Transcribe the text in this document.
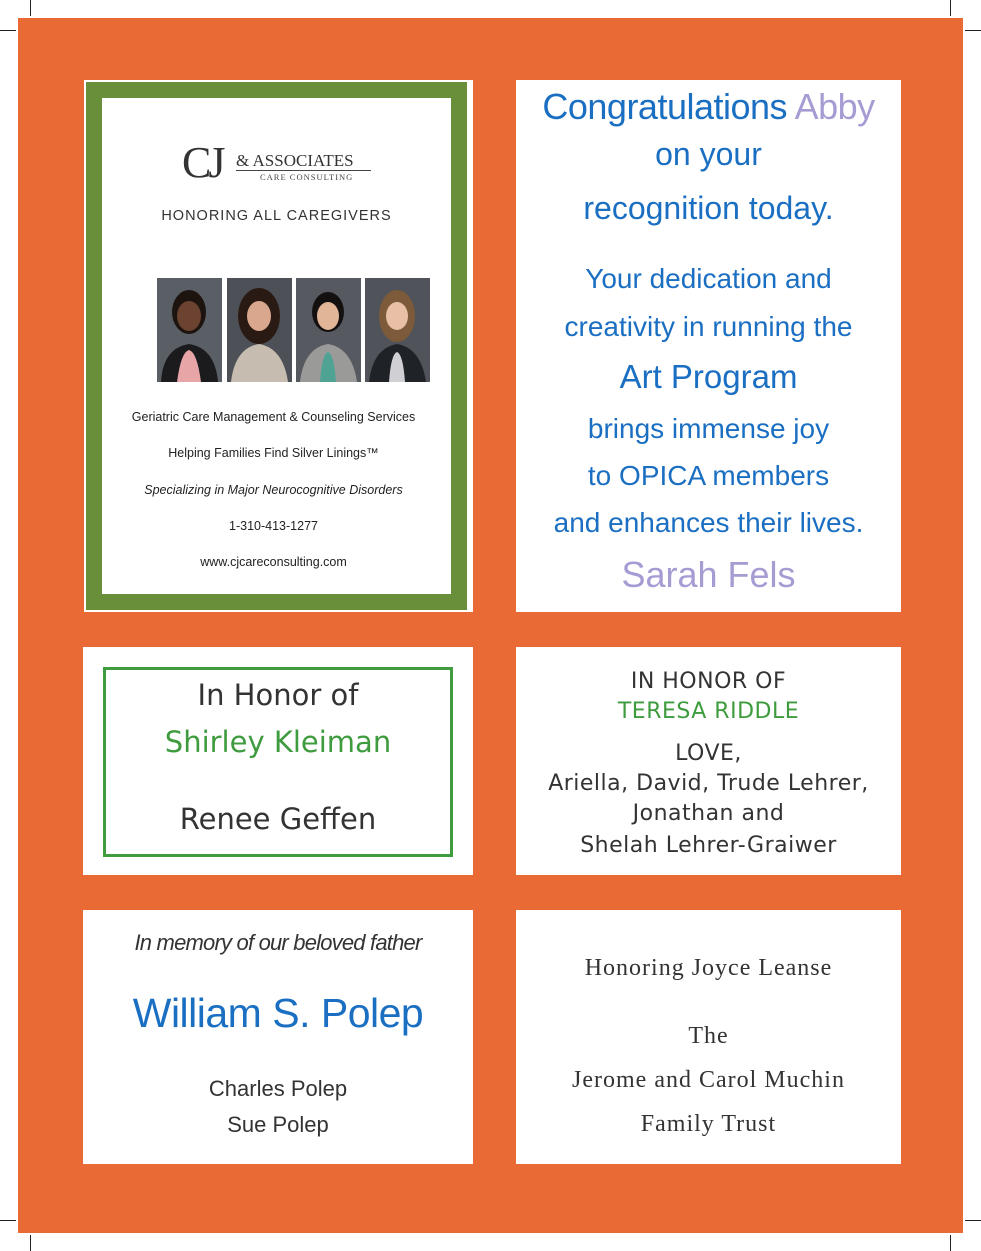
CJ & ASSOCIATES
CARE CONSULTING
HONORING ALL CAREGIVERS
Geriatric Care Management & Counseling Services
Helping Families Find Silver Linings™
Specializing in Major Neurocognitive Disorders
1-310-413-1277
www.cjcareconsulting.com
Congratulations Abby
on your
recognition today.
Your dedication and
creativity in running the
Art Program
brings immense joy
to OPICA members
and enhances their lives.
Sarah Fels
In Honor of
Shirley Kleiman
Renee Geffen
IN HONOR OF
TERESA RIDDLE
LOVE,
Ariella, David, Trude Lehrer,
Jonathan and
Shelah Lehrer-Graiwer
In memory of our beloved father
William S. Polep
Charles Polep
Sue Polep
Honoring Joyce Leanse
The
Jerome and Carol Muchin
Family Trust
